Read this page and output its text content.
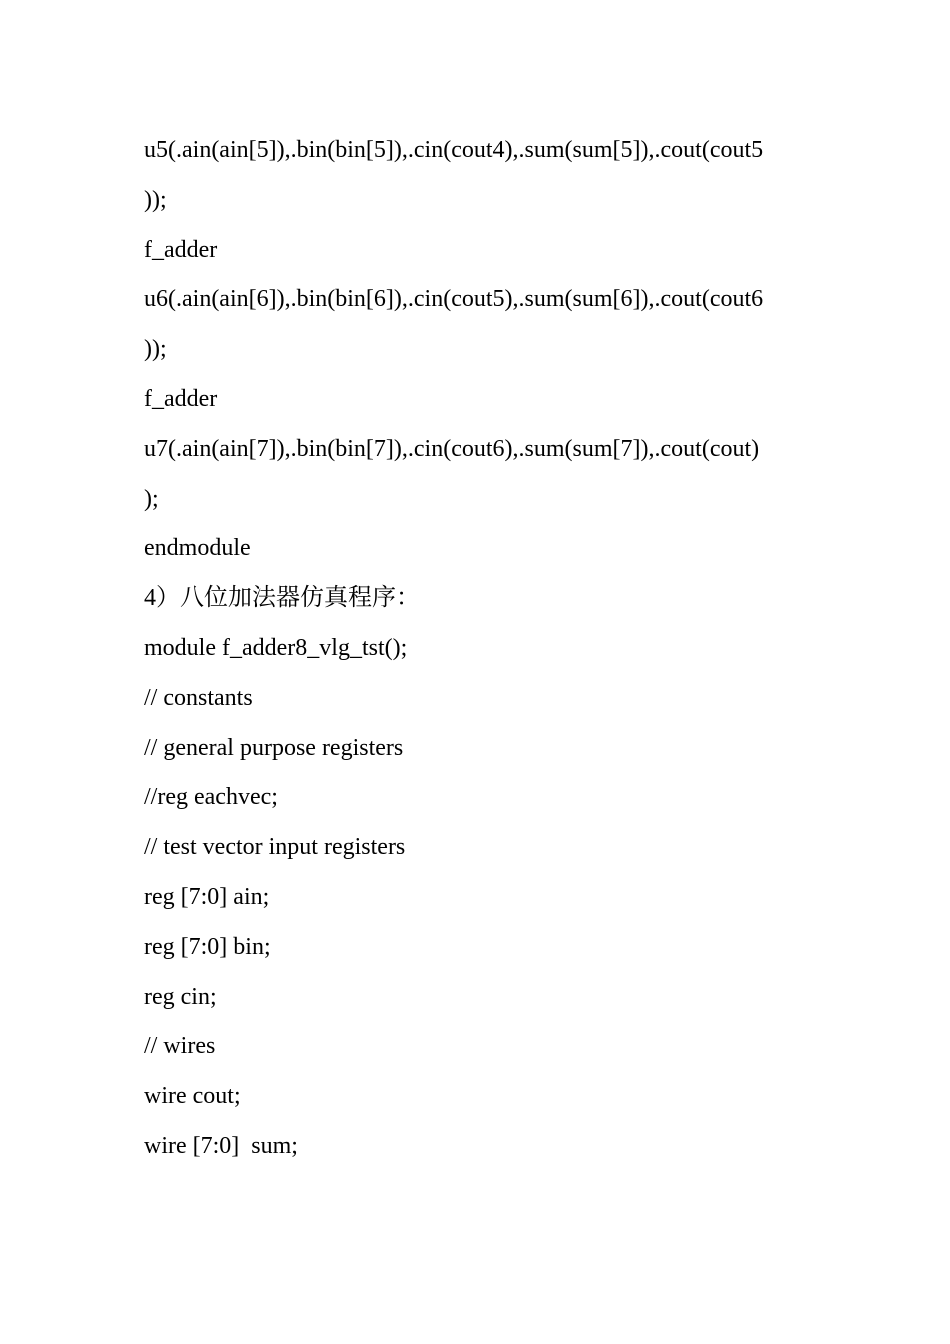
u5(.ain(ain[5]),.bin(bin[5]),.cin(cout4),.sum(sum[5]),.cout(cout5
));
f_adder
u6(.ain(ain[6]),.bin(bin[6]),.cin(cout5),.sum(sum[6]),.cout(cout6
));
f_adder
u7(.ain(ain[7]),.bin(bin[7]),.cin(cout6),.sum(sum[7]),.cout(cout)
);
endmodule
4）八位加法器仿真程序：
module f_adder8_vlg_tst();
// constants
// general purpose registers
//reg eachvec;
// test vector input registers
reg [7:0] ain;
reg [7:0] bin;
reg cin;
// wires
wire cout;
wire [7:0]  sum;
